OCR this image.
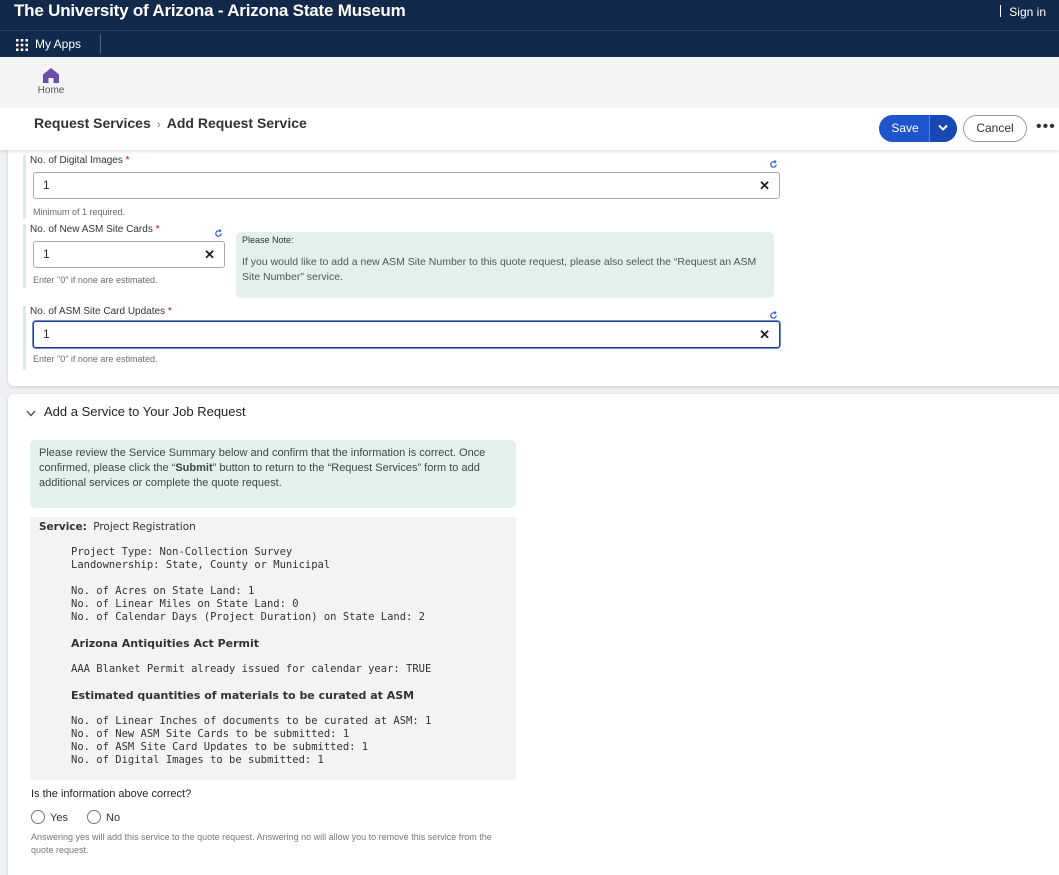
The University of Arizona - Arizona State Museum	Sign in
My Apps
Home
Request Services › Add Request Service	Save	Cancel	•••
No. of Digital Images *
1	✕
Minimum of 1 required.
No. of New ASM Site Cards *
1	✕
Enter "0" if none are estimated.
Please Note:
If you would like to add a new ASM Site Number to this quote request, please also select the “Request an ASM Site Number” service.
No. of ASM Site Card Updates *
1	✕
Enter "0" if none are estimated.
Add a Service to Your Job Request
Please review the Service Summary below and confirm that the information is correct. Once confirmed, please click the “Submit” button to return to the “Request Services” form to add additional services or complete the quote request.
Service: Project Registration
Project Type: Non-Collection Survey
Landownership: State, County or Municipal
No. of Acres on State Land: 1
No. of Linear Miles on State Land: 0
No. of Calendar Days (Project Duration) on State Land: 2
Arizona Antiquities Act Permit
AAA Blanket Permit already issued for calendar year: TRUE
Estimated quantities of materials to be curated at ASM
No. of Linear Inches of documents to be curated at ASM: 1
No. of New ASM Site Cards to be submitted: 1
No. of ASM Site Card Updates to be submitted: 1
No. of Digital Images to be submitted: 1
Is the information above correct?
Yes	No
Answering yes will add this service to the quote request. Answering no will allow you to remove this service from the quote request.
